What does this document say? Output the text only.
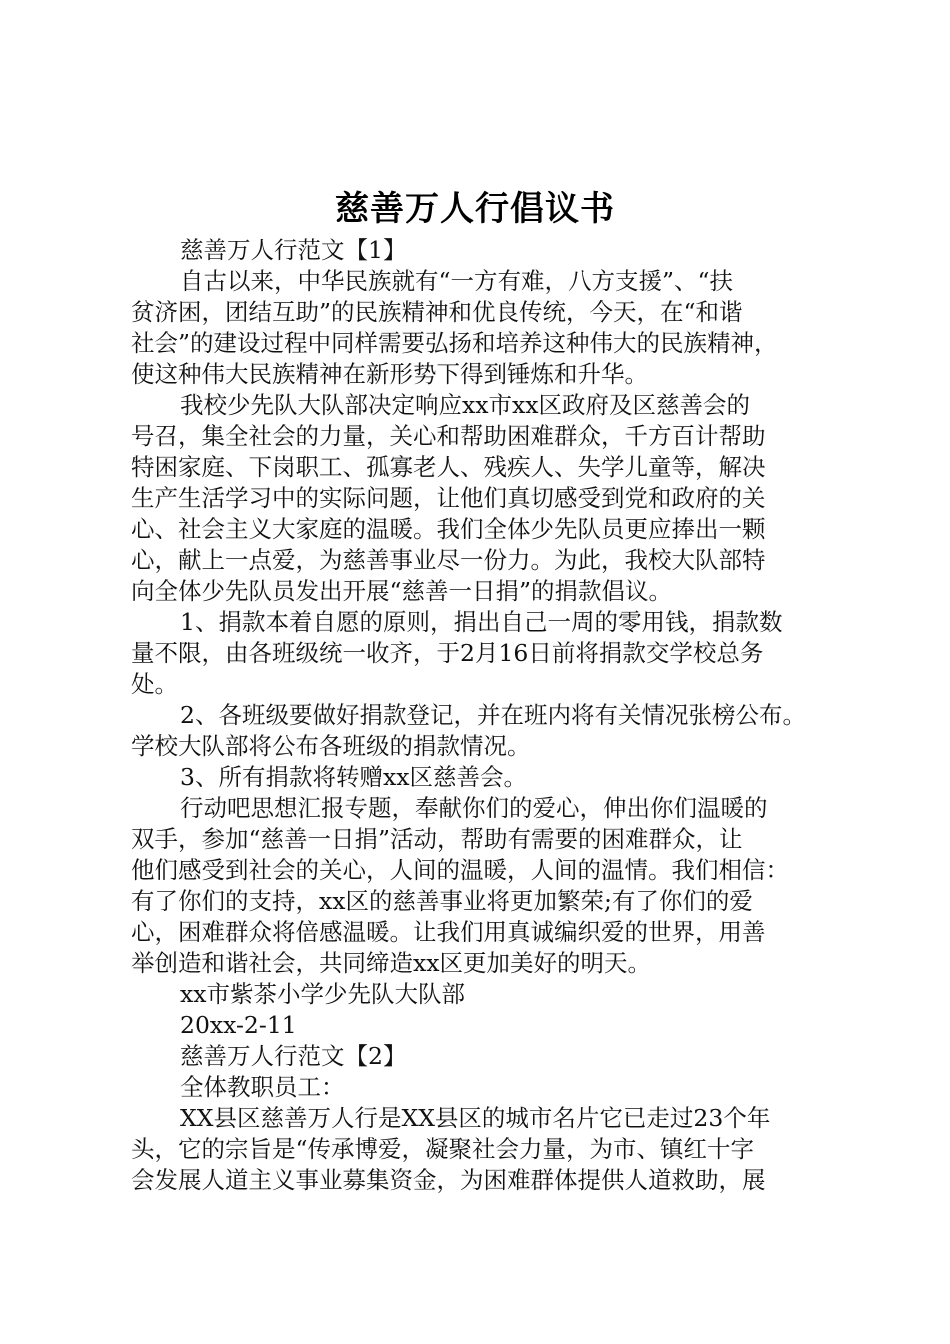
慈善万人行倡议书
慈善万人行范文【1】
自古以来，中华民族就有“一方有难，八方支援”、“扶
贫济困，团结互助”的民族精神和优良传统，今天，在“和谐
社会”的建设过程中同样需要弘扬和培养这种伟大的民族精神，
使这种伟大民族精神在新形势下得到锤炼和升华。
我校少先队大队部决定响应xx市xx区政府及区慈善会的
号召，集全社会的力量，关心和帮助困难群众，千方百计帮助
特困家庭、下岗职工、孤寡老人、残疾人、失学儿童等，解决
生产生活学习中的实际问题，让他们真切感受到党和政府的关
心、社会主义大家庭的温暖。我们全体少先队员更应捧出一颗
心，献上一点爱，为慈善事业尽一份力。为此，我校大队部特
向全体少先队员发出开展“慈善一日捐”的捐款倡议。
1、捐款本着自愿的原则，捐出自己一周的零用钱，捐款数
量不限，由各班级统一收齐，于2月16日前将捐款交学校总务
处。
2、各班级要做好捐款登记，并在班内将有关情况张榜公布。
学校大队部将公布各班级的捐款情况。
3、所有捐款将转赠xx区慈善会。
行动吧思想汇报专题，奉献你们的爱心，伸出你们温暖的
双手，参加“慈善一日捐”活动，帮助有需要的困难群众，让
他们感受到社会的关心，人间的温暖，人间的温情。我们相信：
有了你们的支持，xx区的慈善事业将更加繁荣;有了你们的爱
心，困难群众将倍感温暖。让我们用真诚编织爱的世界，用善
举创造和谐社会，共同缔造xx区更加美好的明天。
xx市紫茶小学少先队大队部
20xx-2-11
慈善万人行范文【2】
全体教职员工：
XX县区慈善万人行是XX县区的城市名片它已走过23个年
头，它的宗旨是“传承博爱，凝聚社会力量，为市、镇红十字
会发展人道主义事业募集资金，为困难群体提供人道救助，展
